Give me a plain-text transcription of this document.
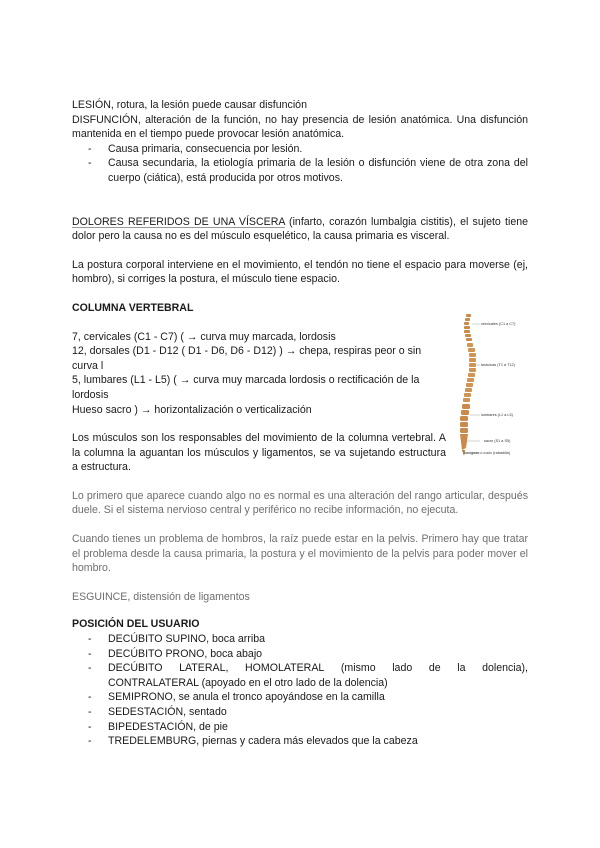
LESIÓN, rotura, la lesión puede causar disfunción

DISFUNCIÓN, alteración de la función, no hay presencia de lesión anatómica. Una disfunción mantenida en el tiempo puede provocar lesión anatómica.

- Causa primaria, consecuencia por lesión.
- Causa secundaria, la etiología primaria de la lesión o disfunción viene de otra zona del cuerpo (ciática), está producida por otros motivos.

DOLORES REFERIDOS DE UNA VÍSCERA (infarto, corazón lumbalgia cistitis), el sujeto tiene dolor pero la causa no es del músculo esquelético, la causa primaria es visceral.

La postura corporal interviene en el movimiento, el tendón no tiene el espacio para moverse (ej, hombro), si corriges la postura, el músculo tiene espacio.

COLUMNA VERTEBRAL

7, cervicales (C1 - C7) ( → curva muy marcada, lordosis

12, dorsales (D1 - D12 ( D1 - D6, D6 - D12) ) → chepa, respiras peor o sin curva l

5, lumbares (L1 - L5) ( → curva muy marcada lordosis o rectificación de la lordosis

Hueso sacro ) → horizontalización o verticalización

Los músculos son los responsables del movimiento de la columna vertebral. A la columna la aguantan los músculos y ligamentos, se va sujetando estructura a estructura.

Lo primero que aparece cuando algo no es normal es una alteración del rango articular, después duele. Si el sistema nervioso central y periférico no recibe información, no ejecuta.

Cuando tienes un problema de hombros, la raíz puede estar en la pelvis. Primero hay que tratar el problema desde la causa primaria, la postura y el movimiento de la pelvis para poder mover el hombro.

ESGUINCE, distensión de ligamentos

POSICIÓN DEL USUARIO

- DECÚBITO SUPINO, boca arriba
- DECÚBITO PRONO, boca abajo
- DECÚBITO LATERAL, HOMOLATERAL (mismo lado de la dolencia),
CONTRALATERAL (apoyado en el otro lado de la dolencia)
- SEMIPRONO, se anula el tronco apoyándose en la camilla
- SEDESTACIÓN, sentado
- BIPEDESTACIÓN, de pie
- TREDELEMBURG, piernas y cadera más elevados que la cabeza
cervicales (C1 a C7)
torácicas (T1 a T12)
lumbares (L1 a L5)
sacro (S1 a S5)
coxígeas o cocix (rabadilla)
